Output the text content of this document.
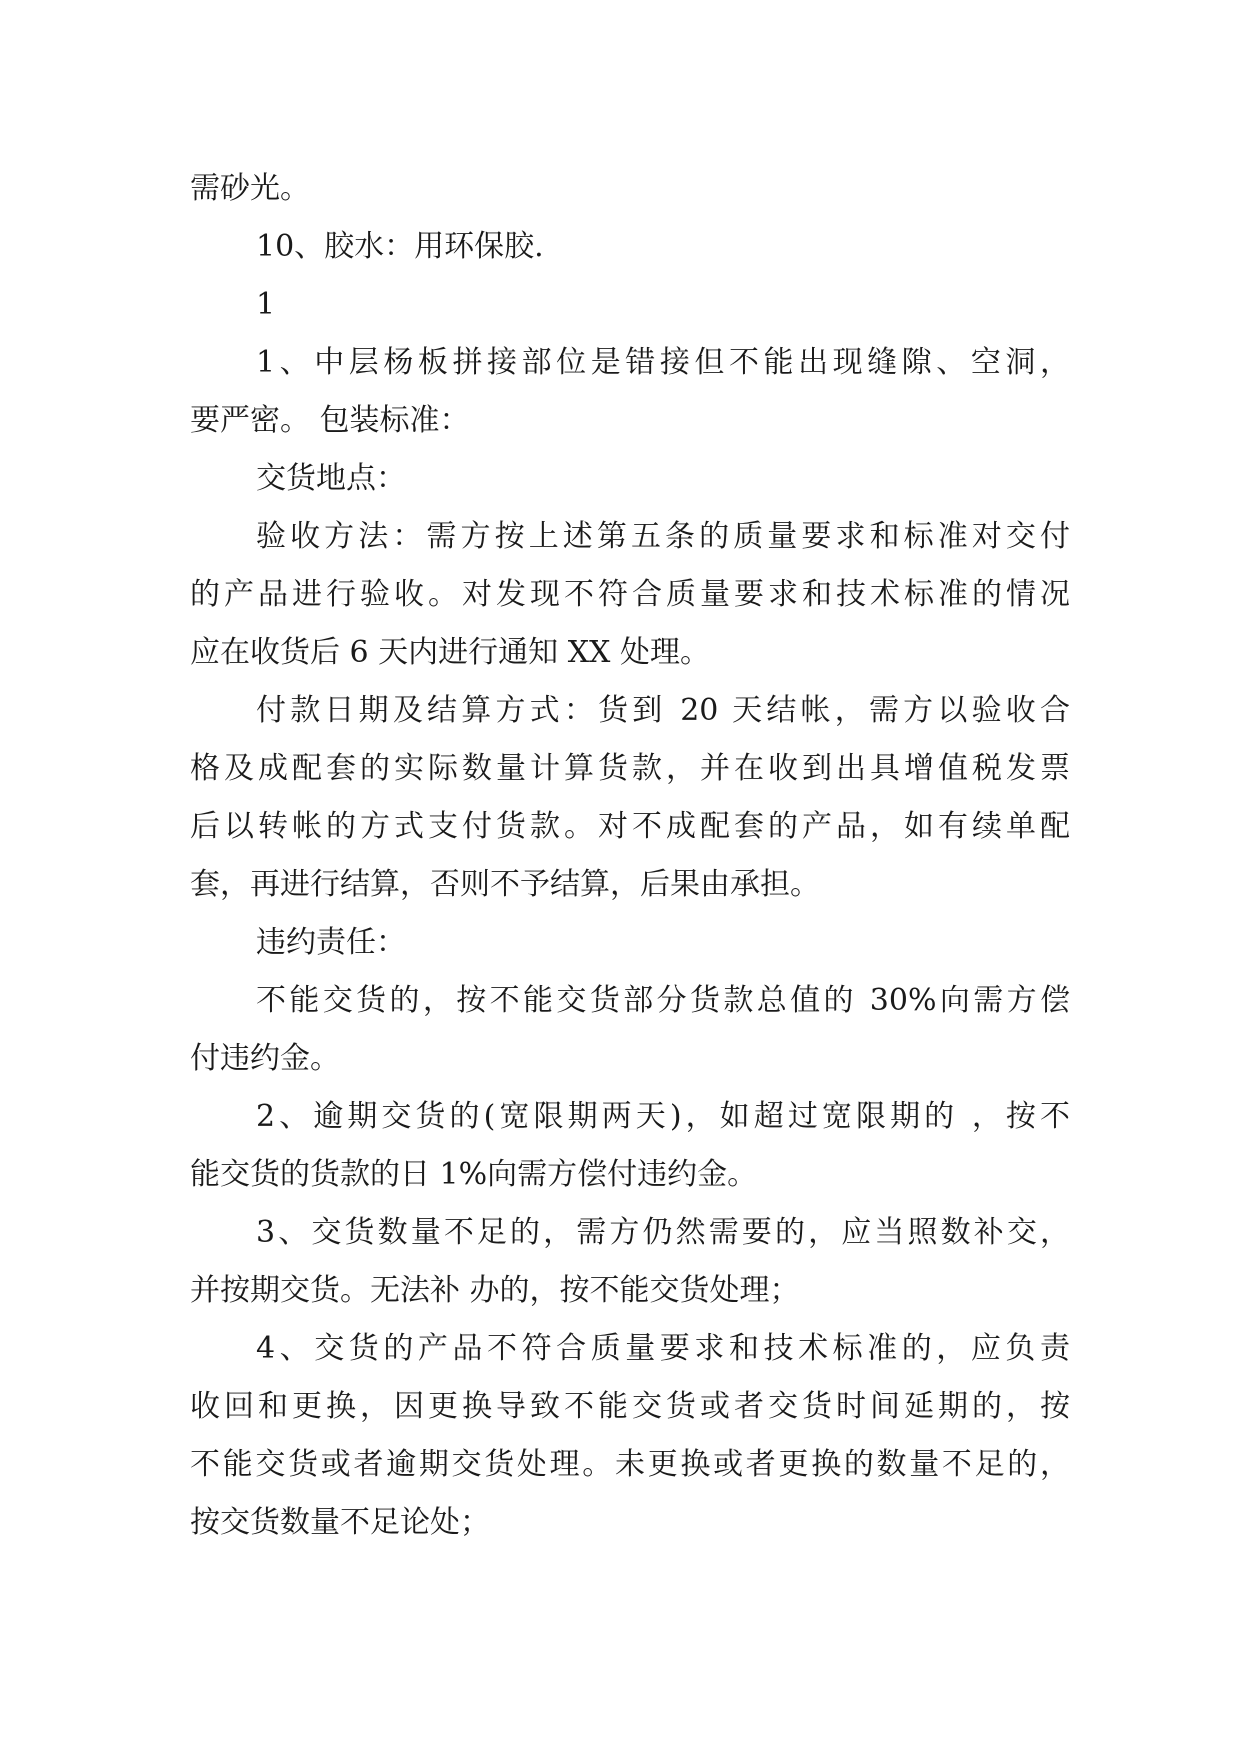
需砂光。
10、胶水：用环保胶.
1
1、中层杨板拼接部位是错接但不能出现缝隙、空洞，
要严密。 包装标准：
交货地点：
验收方法：需方按上述第五条的质量要求和标准对交付
的产品进行验收。对发现不符合质量要求和技术标准的情况
应在收货后 6 天内进行通知 XX 处理。
付款日期及结算方式：货到 20 天结帐，需方以验收合
格及成配套的实际数量计算货款，并在收到出具增值税发票
后以转帐的方式支付货款。对不成配套的产品，如有续单配
套，再进行结算，否则不予结算，后果由承担。
违约责任：
不能交货的，按不能交货部分货款总值的 30%向需方偿
付违约金。
2、逾期交货的(宽限期两天)，如超过宽限期的 ，按不
能交货的货款的日 1%向需方偿付违约金。
3、交货数量不足的，需方仍然需要的，应当照数补交，
并按期交货。无法补 办的，按不能交货处理；
4、交货的产品不符合质量要求和技术标准的，应负责
收回和更换，因更换导致不能交货或者交货时间延期的，按
不能交货或者逾期交货处理。未更换或者更换的数量不足的，
按交货数量不足论处；
